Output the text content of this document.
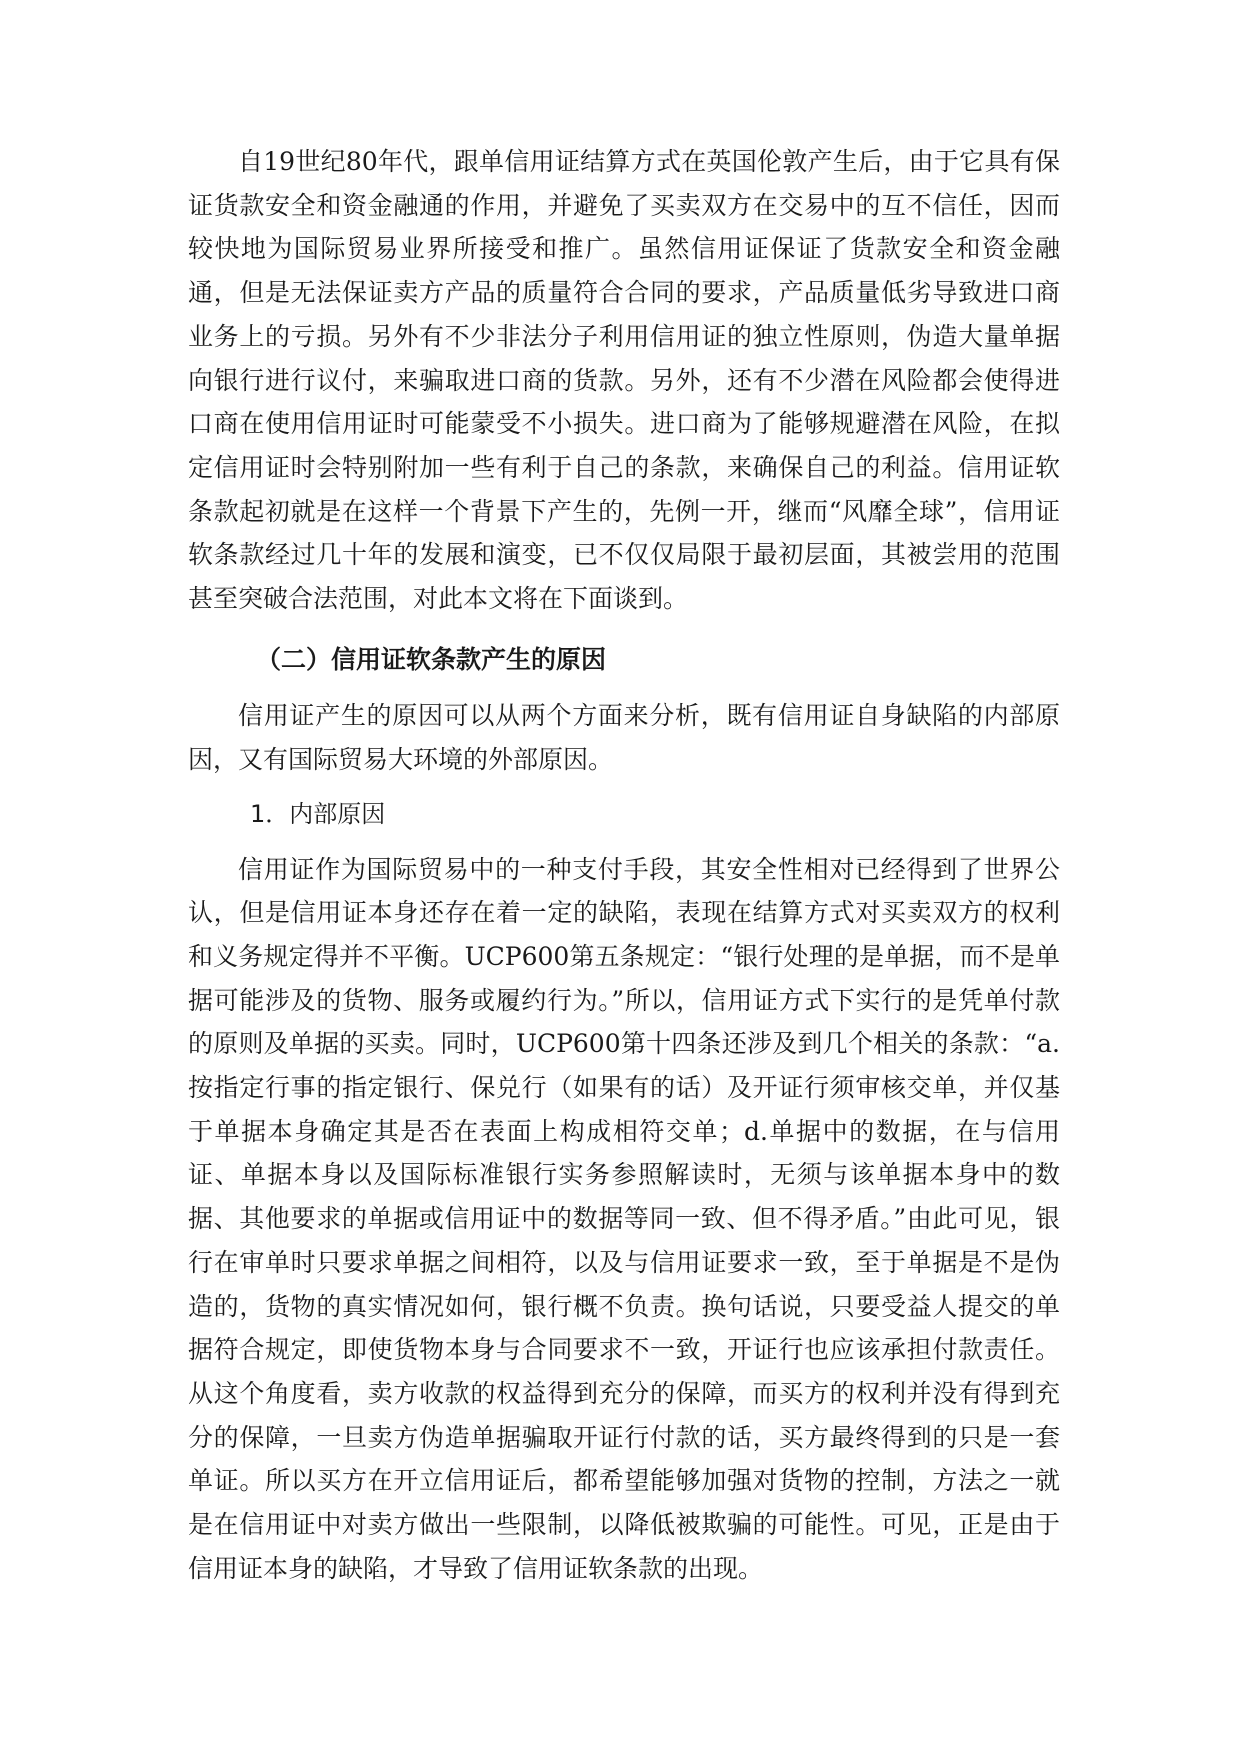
自19世纪80年代，跟单信用证结算方式在英国伦敦产生后，由于它具有保证货款安全和资金融通的作用，并避免了买卖双方在交易中的互不信任，因而较快地为国际贸易业界所接受和推广。虽然信用证保证了货款安全和资金融通，但是无法保证卖方产品的质量符合合同的要求，产品质量低劣导致进口商业务上的亏损。另外有不少非法分子利用信用证的独立性原则，伪造大量单据向银行进行议付，来骗取进口商的货款。另外，还有不少潜在风险都会使得进口商在使用信用证时可能蒙受不小损失。进口商为了能够规避潜在风险，在拟定信用证时会特别附加一些有利于自己的条款，来确保自己的利益。信用证软条款起初就是在这样一个背景下产生的，先例一开，继而“风靡全球”，信用证软条款经过几十年的发展和演变，已不仅仅局限于最初层面，其被尝用的范围甚至突破合法范围，对此本文将在下面谈到。

（二）信用证软条款产生的原因

信用证产生的原因可以从两个方面来分析，既有信用证自身缺陷的内部原因，又有国际贸易大环境的外部原因。

1．内部原因

信用证作为国际贸易中的一种支付手段，其安全性相对已经得到了世界公认，但是信用证本身还存在着一定的缺陷，表现在结算方式对买卖双方的权利和义务规定得并不平衡。UCP600第五条规定：“银行处理的是单据，而不是单据可能涉及的货物、服务或履约行为。”所以，信用证方式下实行的是凭单付款的原则及单据的买卖。同时，UCP600第十四条还涉及到几个相关的条款：“a.按指定行事的指定银行、保兑行（如果有的话）及开证行须审核交单，并仅基于单据本身确定其是否在表面上构成相符交单；d.单据中的数据，在与信用证、单据本身以及国际标准银行实务参照解读时，无须与该单据本身中的数据、其他要求的单据或信用证中的数据等同一致、但不得矛盾。”由此可见，银行在审单时只要求单据之间相符，以及与信用证要求一致，至于单据是不是伪造的，货物的真实情况如何，银行概不负责。换句话说，只要受益人提交的单据符合规定，即使货物本身与合同要求不一致，开证行也应该承担付款责任。从这个角度看，卖方收款的权益得到充分的保障，而买方的权利并没有得到充分的保障，一旦卖方伪造单据骗取开证行付款的话，买方最终得到的只是一套单证。所以买方在开立信用证后，都希望能够加强对货物的控制，方法之一就是在信用证中对卖方做出一些限制，以降低被欺骗的可能性。可见，正是由于信用证本身的缺陷，才导致了信用证软条款的出现。
